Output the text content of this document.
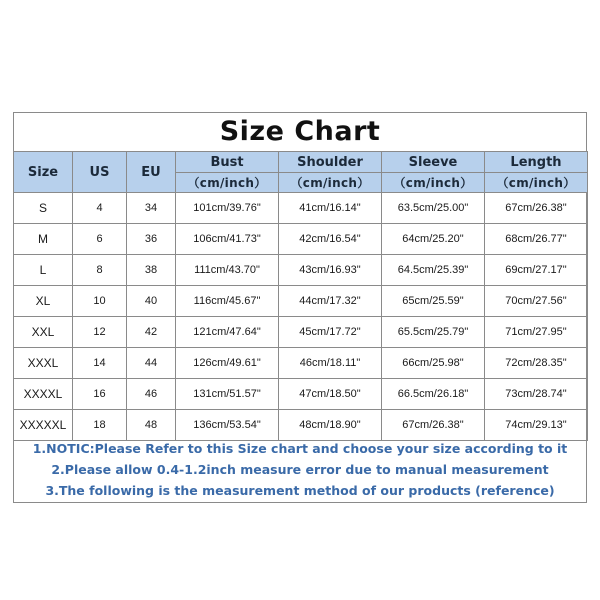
Size Chart
Size	US	EU	Bust	Shoulder	Sleeve	Length
			（cm/inch）	（cm/inch）	（cm/inch）	（cm/inch）
S	4	34	101cm/39.76"	41cm/16.14"	63.5cm/25.00"	67cm/26.38"
M	6	36	106cm/41.73"	42cm/16.54"	64cm/25.20"	68cm/26.77"
L	8	38	111cm/43.70"	43cm/16.93"	64.5cm/25.39"	69cm/27.17"
XL	10	40	116cm/45.67"	44cm/17.32"	65cm/25.59"	70cm/27.56"
XXL	12	42	121cm/47.64"	45cm/17.72"	65.5cm/25.79"	71cm/27.95"
XXXL	14	44	126cm/49.61"	46cm/18.11"	66cm/25.98"	72cm/28.35"
XXXXL	16	46	131cm/51.57"	47cm/18.50"	66.5cm/26.18"	73cm/28.74"
XXXXXL	18	48	136cm/53.54"	48cm/18.90"	67cm/26.38"	74cm/29.13"
1.NOTIC:Please Refer to this Size chart and choose your size according to it
2.Please allow 0.4-1.2inch measure error due to manual measurement
3.The following is the measurement method of our products (reference)
